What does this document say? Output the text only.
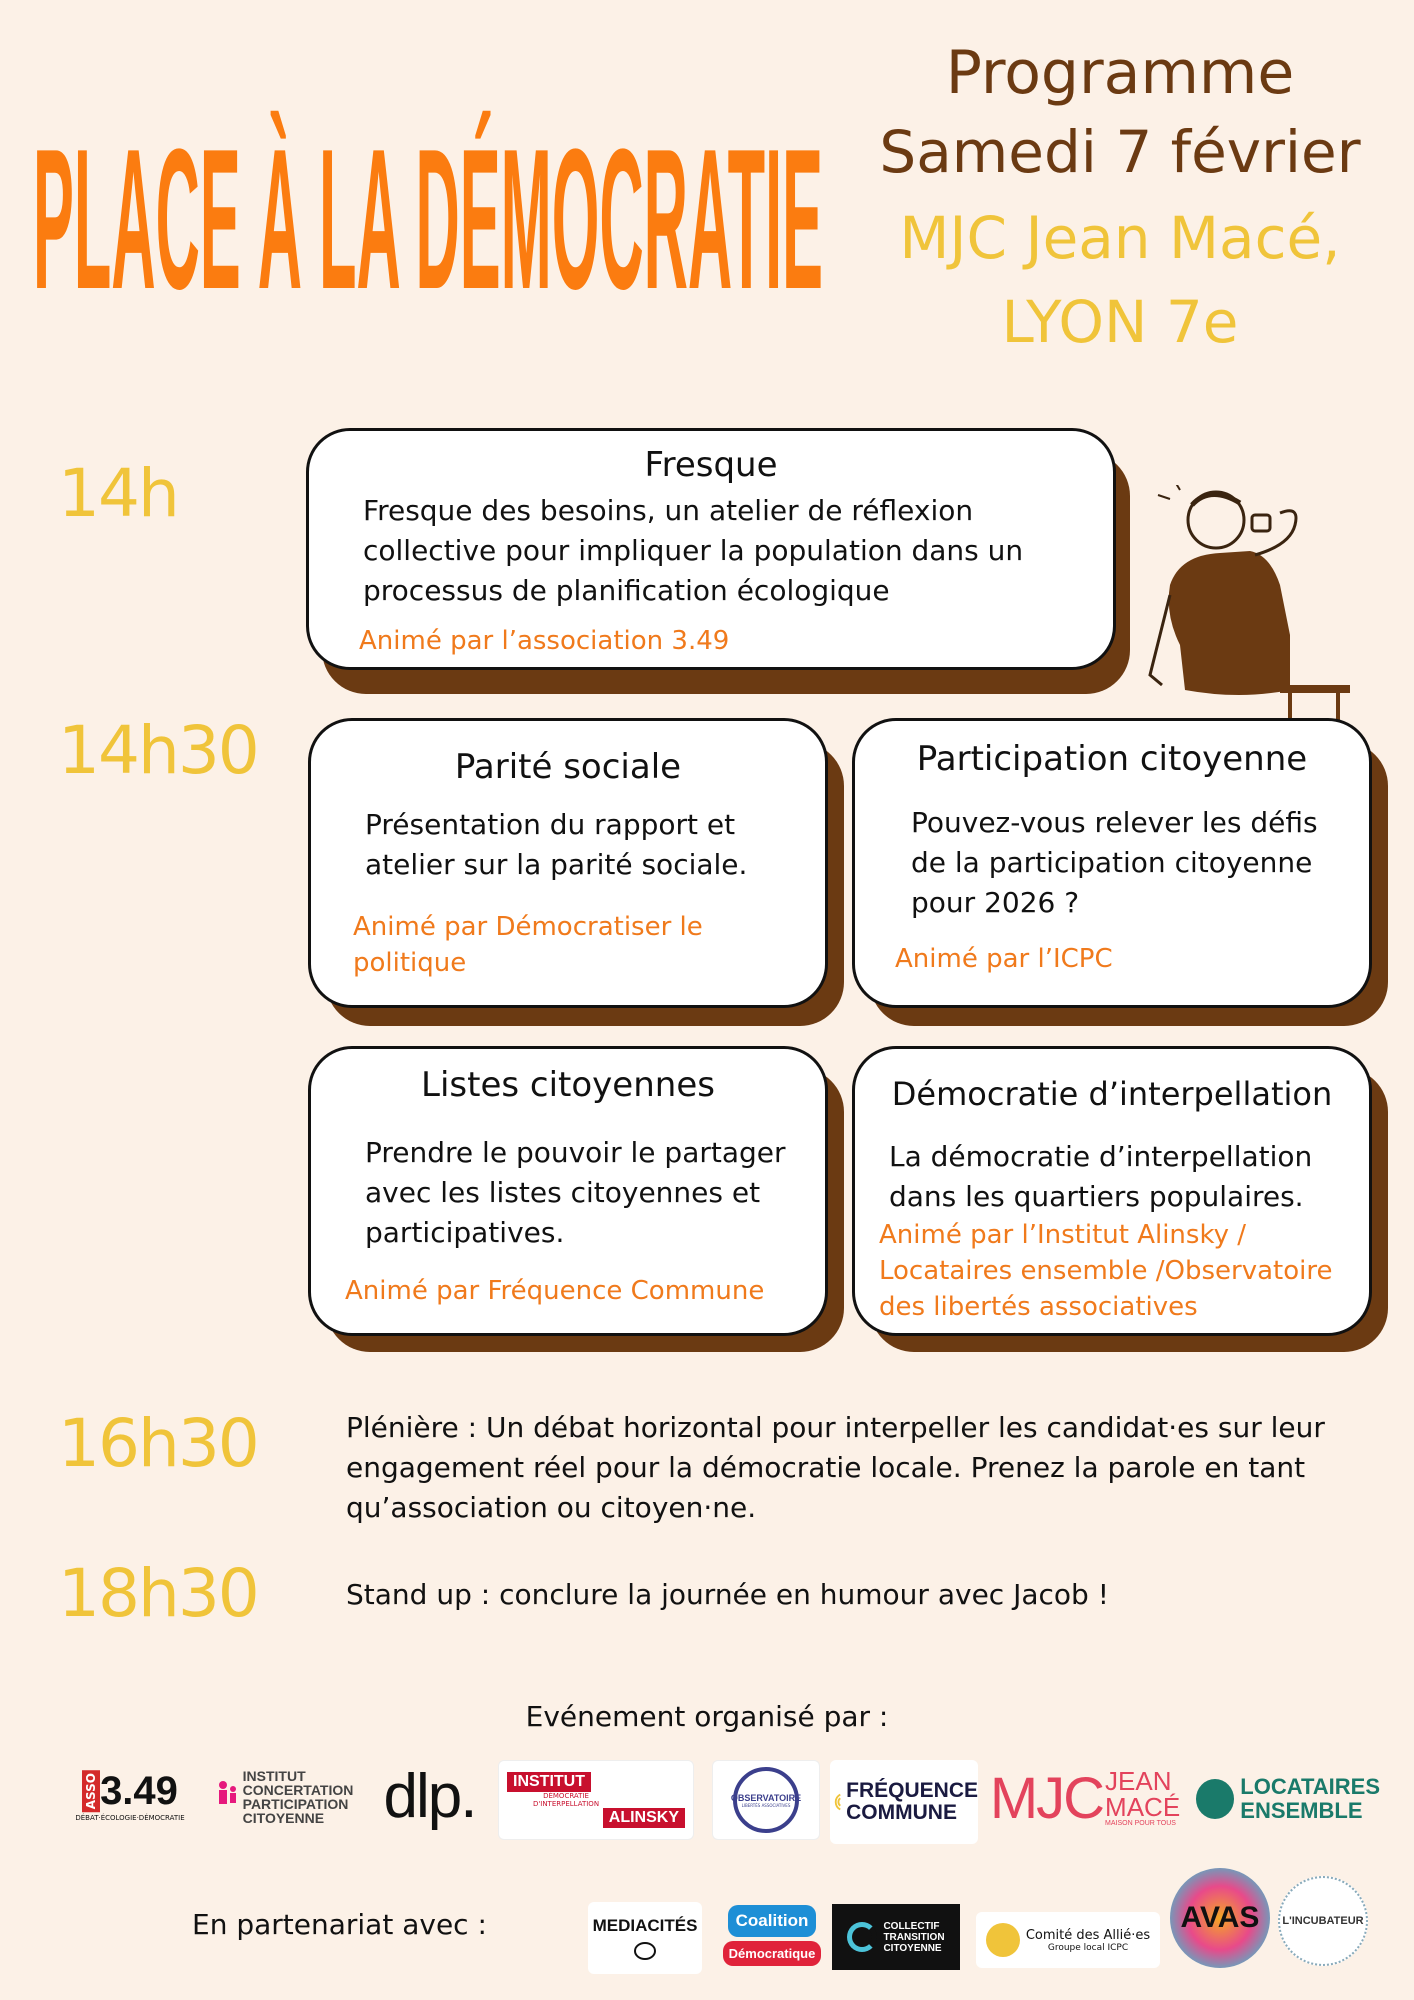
PLACE À LA DÉMOCRATIE
Programme
Samedi 7 février
MJC Jean Macé,
LYON 7e
14h
14h30
16h30
18h30
Fresque
Fresque des besoins, un atelier de réflexion collective pour impliquer la population dans un processus de planification écologique
Animé par l’association 3.49
Parité sociale
Présentation du rapport et atelier sur la parité sociale.
Animé par Démocratiser le politique
Participation citoyenne
Pouvez-vous relever les défis de la participation citoyenne pour 2026 ?
Animé par l’ICPC
Listes citoyennes
Prendre le pouvoir le partager avec les listes citoyennes et participatives.
Animé par Fréquence Commune
Démocratie d’interpellation
La démocratie d’interpellation dans les quartiers populaires.
Animé par l’Institut Alinsky / Locataires ensemble /Observatoire des libertés associatives
Plénière : Un débat horizontal pour interpeller les candidat·es sur leur engagement réel pour la démocratie locale. Prenez la parole en tant qu’association ou citoyen·ne.
Stand up : conclure la journée en humour avec Jacob !
Evénement organisé par :
ASSO 3.49
DÉBAT·ÉCOLOGIE·DÉMOCRATIE
INSTITUT
CONCERTATION
PARTICIPATION
CITOYENNE dlp.	INSTITUT
DÉMOCRATIE D'INTERPELLATION
ALINSKY
OBSERVATOIRE
LIBERTÉS ASSOCIATIVES
FRÉQUENCE
COMMUNE MJC JEAN
MACÉ
MAISON POUR TOUS
LOCATAIRES
ENSEMBLE
En partenariat avec :	MEDIACITÉS	Coalition
Démocratique
COLLECTIF
TRANSITION
CITOYENNE
Comité des Allié·es
Groupe local ICPC
AVAS L'INCUBATEUR
